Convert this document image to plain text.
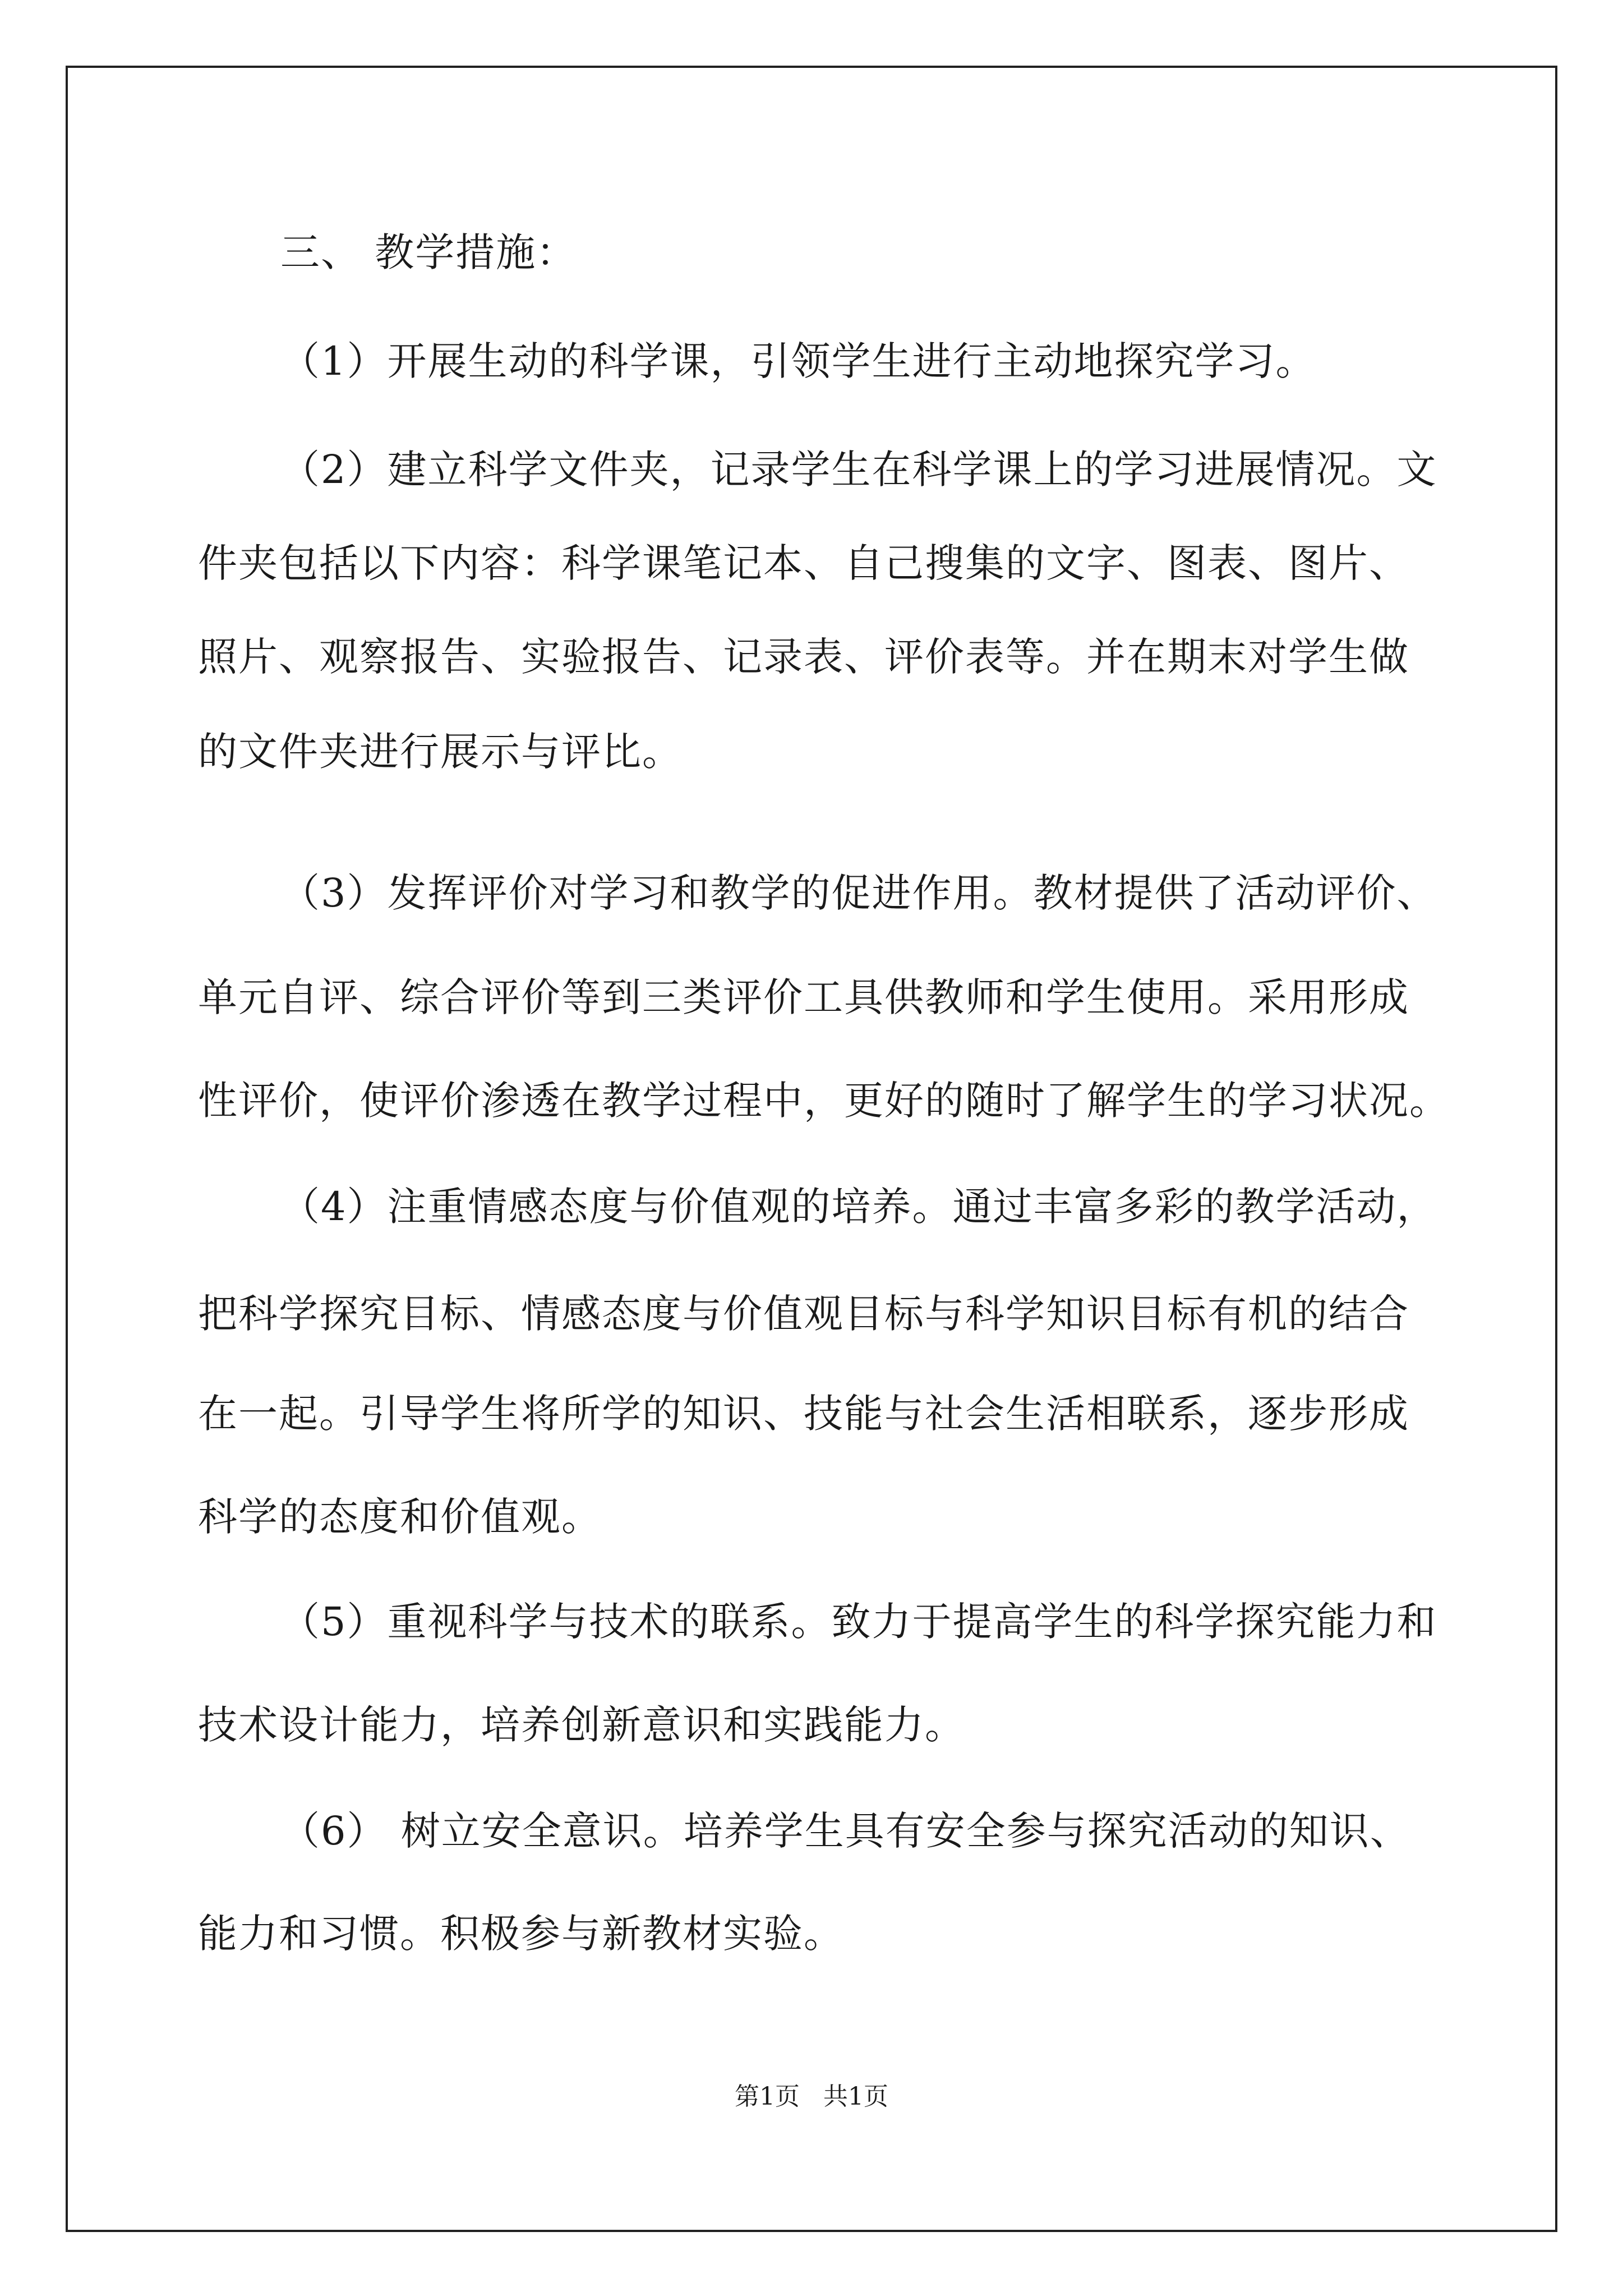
三、 教学措施：
（1）开展生动的科学课，引领学生进行主动地探究学习。
（2）建立科学文件夹，记录学生在科学课上的学习进展情况。文
件夹包括以下内容：科学课笔记本、自己搜集的文字、图表、图片、
照片、观察报告、实验报告、记录表、评价表等。并在期末对学生做
的文件夹进行展示与评比。
（3）发挥评价对学习和教学的促进作用。教材提供了活动评价、
单元自评、综合评价等到三类评价工具供教师和学生使用。采用形成
性评价，使评价渗透在教学过程中，更好的随时了解学生的学习状况。
（4）注重情感态度与价值观的培养。通过丰富多彩的教学活动，
把科学探究目标、情感态度与价值观目标与科学知识目标有机的结合
在一起。引导学生将所学的知识、技能与社会生活相联系，逐步形成
科学的态度和价值观。
（5）重视科学与技术的联系。致力于提高学生的科学探究能力和
技术设计能力，培养创新意识和实践能力。
（6） 树立安全意识。培养学生具有安全参与探究活动的知识、
能力和习惯。积极参与新教材实验。
第1页   共1页
